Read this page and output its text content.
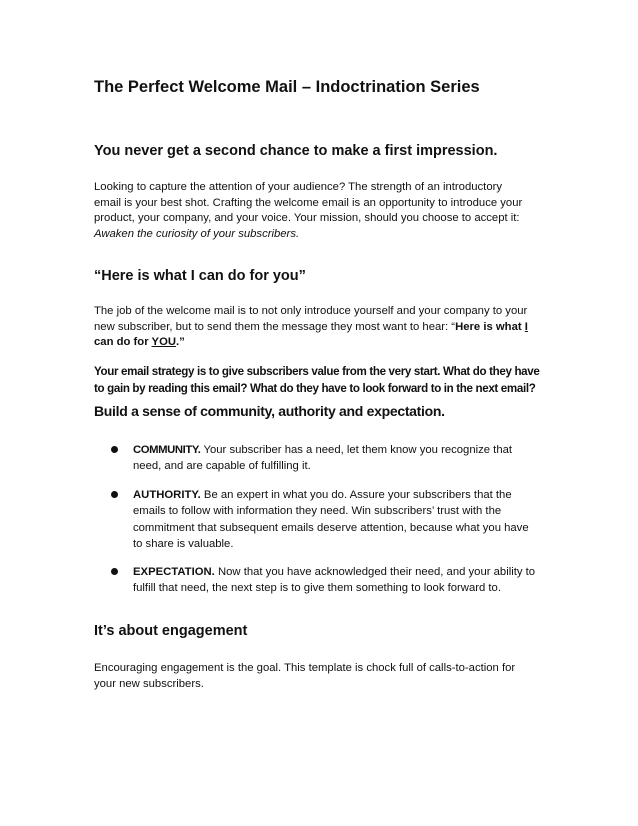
The Perfect Welcome Mail – Indoctrination Series
You never get a second chance to make a first impression.

Looking to capture the attention of your audience? The strength of an introductory
email is your best shot. Crafting the welcome email is an opportunity to introduce your
product, your company, and your voice. Your mission, should you choose to accept it:
Awaken the curiosity of your subscribers.

“Here is what I can do for you”

The job of the welcome mail is to not only introduce yourself and your company to your
new subscriber, but to send them the message they most want to hear: “Here is what I
can do for YOU.”

Your email strategy is to give subscribers value from the very start. What do they have
to gain by reading this email? What do they have to look forward to in the next email?
Build a sense of community, authority and expectation.
COMMUNITY. Your subscriber has a need, let them know you recognize that
need, and are capable of fulfilling it.
AUTHORITY. Be an expert in what you do. Assure your subscribers that the
emails to follow with information they need. Win subscribers’ trust with the
commitment that subsequent emails deserve attention, because what you have
to share is valuable.
EXPECTATION. Now that you have acknowledged their need, and your ability to
fulfill that need, the next step is to give them something to look forward to.
It’s about engagement

Encouraging engagement is the goal. This template is chock full of calls-to-action for
your new subscribers.
